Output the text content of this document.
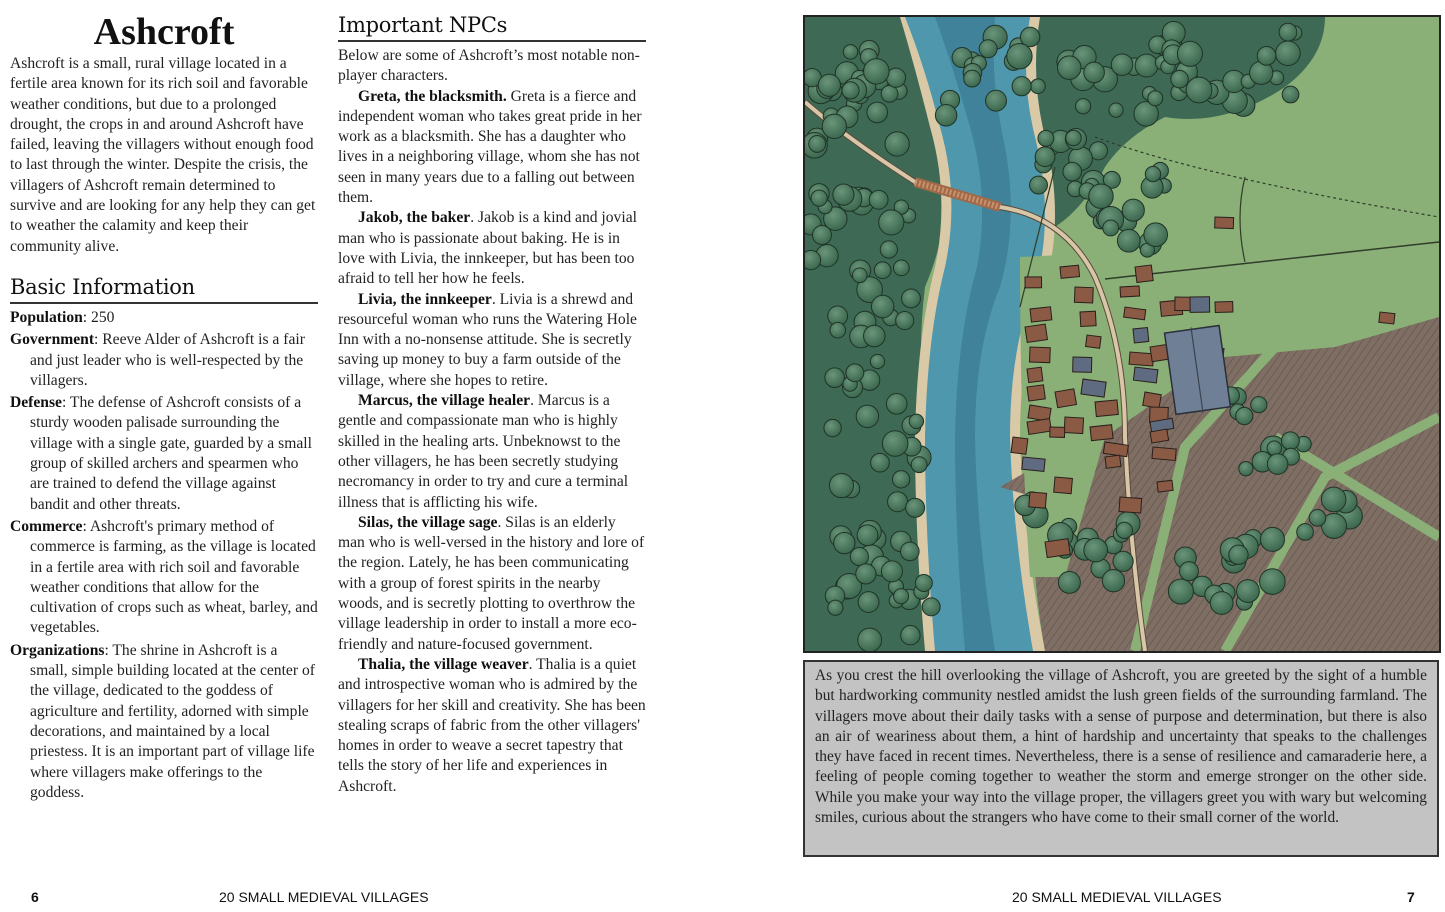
Ashcroft

Ashcroft is a small, rural village located in a fertile area known for its rich soil and favorable weather conditions, but due to a prolonged drought, the crops in and around Ashcroft have failed, leaving the villagers without enough food to last through the winter. Despite the crisis, the villagers of Ashcroft remain determined to survive and are looking for any help they can get to weather the calamity and keep their community alive.

Basic Information

Population: 250

Government: Reeve Alder of Ashcroft is a fair and just leader who is well-respected by the villagers.

Defense: The defense of Ashcroft consists of a sturdy wooden palisade surrounding the village with a single gate, guarded by a small group of skilled archers and spearmen who are trained to defend the village against bandit and other threats.

Commerce: Ashcroft's primary method of commerce is farming, as the village is located in a fertile area with rich soil and favorable weather conditions that allow for the cultivation of crops such as wheat, barley, and vegetables.

Organizations: The shrine in Ashcroft is a small, simple building located at the center of the village, dedicated to the goddess of agriculture and fertility, adorned with simple decorations, and maintained by a local priestess. It is an important part of village life where villagers make offerings to the goddess.

Important NPCs

Below are some of Ashcroft’s most notable non-player characters.

Greta, the blacksmith. Greta is a fierce and independent woman who takes great pride in her work as a blacksmith. She has a daughter who lives in a neighboring village, whom she has not seen in many years due to a falling out between them.

Jakob, the baker. Jakob is a kind and jovial man who is passionate about baking. He is in love with Livia, the innkeeper, but has been too afraid to tell her how he feels.

Livia, the innkeeper. Livia is a shrewd and resourceful woman who runs the Watering Hole Inn with a no-nonsense attitude. She is secretly saving up money to buy a farm outside of the village, where she hopes to retire.

Marcus, the village healer. Marcus is a gentle and compassionate man who is highly skilled in the healing arts. Unbeknowst to the other villagers, he has been secretly studying necromancy in order to try and cure a terminal illness that is afflicting his wife.

Silas, the village sage. Silas is an elderly man who is well-versed in the history and lore of the region. Lately, he has been communicating with a group of forest spirits in the nearby woods, and is secretly plotting to overthrow the village leadership in order to install a more eco-friendly and nature-focused government.

Thalia, the village weaver. Thalia is a quiet and introspective woman who is admired by the villagers for her skill and creativity. She has been stealing scraps of fabric from the other villagers' homes in order to weave a secret tapestry that tells the story of her life and experiences in Ashcroft.

As you crest the hill overlooking the village of Ashcroft, you are greeted by the sight of a humble but hardworking community nestled amidst the lush green fields of the surrounding farmland. The villagers move about their daily tasks with a sense of purpose and determination, but there is also an air of weariness about them, a hint of hardship and uncertainty that speaks to the challenges they have faced in recent times. Nevertheless, there is a sense of resilience and camaraderie here, a feeling of people coming together to weather the storm and emerge stronger on the other side. While you make your way into the village proper, the villagers greet you with wary but welcoming smiles, curious about the strangers who have come to their small corner of the world.
6	20 SMALL MEDIEVAL VILLAGES	20 SMALL MEDIEVAL VILLAGES	7
